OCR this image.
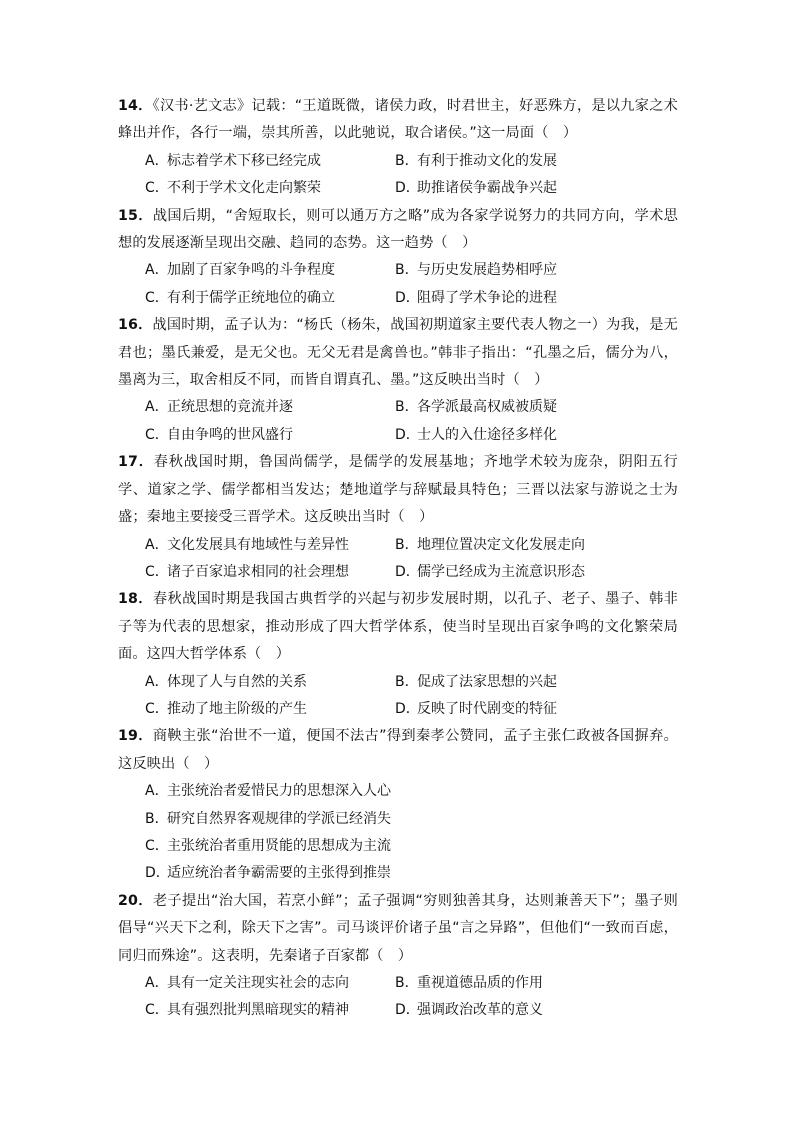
14．《汉书·艺文志》记载：“王道既微，诸侯力政，时君世主，好恶殊方，是以九家之术蜂出并作，各行一端，崇其所善，以此驰说，取合诸侯。”这一局面（　）

A．标志着学术下移已经完成	B．有利于推动文化的发展
C．不利于学术文化走向繁荣	D．助推诸侯争霸战争兴起

15．战国后期，“舍短取长，则可以通万方之略”成为各家学说努力的共同方向，学术思想的发展逐渐呈现出交融、趋同的态势。这一趋势（　）

A．加剧了百家争鸣的斗争程度	B．与历史发展趋势相呼应
C．有利于儒学正统地位的确立	D．阻碍了学术争论的进程

16．战国时期，孟子认为：“杨氏（杨朱，战国初期道家主要代表人物之一）为我，是无君也；墨氏兼爱，是无父也。无父无君是禽兽也。”韩非子指出：“孔墨之后，儒分为八，墨离为三，取舍相反不同，而皆自谓真孔、墨。”这反映出当时（　）

A．正统思想的竞流并逐	B．各学派最高权威被质疑
C．自由争鸣的世风盛行	D．士人的入仕途径多样化

17．春秋战国时期，鲁国尚儒学，是儒学的发展基地；齐地学术较为庞杂，阴阳五行学、道家之学、儒学都相当发达；楚地道学与辞赋最具特色；三晋以法家与游说之士为盛；秦地主要接受三晋学术。这反映出当时（　）

A．文化发展具有地域性与差异性	B．地理位置决定文化发展走向
C．诸子百家追求相同的社会理想	D．儒学已经成为主流意识形态

18．春秋战国时期是我国古典哲学的兴起与初步发展时期，以孔子、老子、墨子、韩非子等为代表的思想家，推动形成了四大哲学体系，使当时呈现出百家争鸣的文化繁荣局面。这四大哲学体系（　）

A．体现了人与自然的关系	B．促成了法家思想的兴起
C．推动了地主阶级的产生	D．反映了时代剧变的特征

19．商鞅主张“治世不一道，便国不法古”得到秦孝公赞同，孟子主张仁政被各国摒弃。这反映出（　）

A．主张统治者爱惜民力的思想深入人心
B．研究自然界客观规律的学派已经消失
C．主张统治者重用贤能的思想成为主流
D．适应统治者争霸需要的主张得到推崇

20．老子提出“治大国，若烹小鲜”；孟子强调“穷则独善其身，达则兼善天下”；墨子则倡导“兴天下之利，除天下之害”。司马谈评价诸子虽“言之异路”，但他们“一致而百虑，同归而殊途”。这表明，先秦诸子百家都（　）

A．具有一定关注现实社会的志向	B．重视道德品质的作用
C．具有强烈批判黑暗现实的精神	D．强调政治改革的意义
